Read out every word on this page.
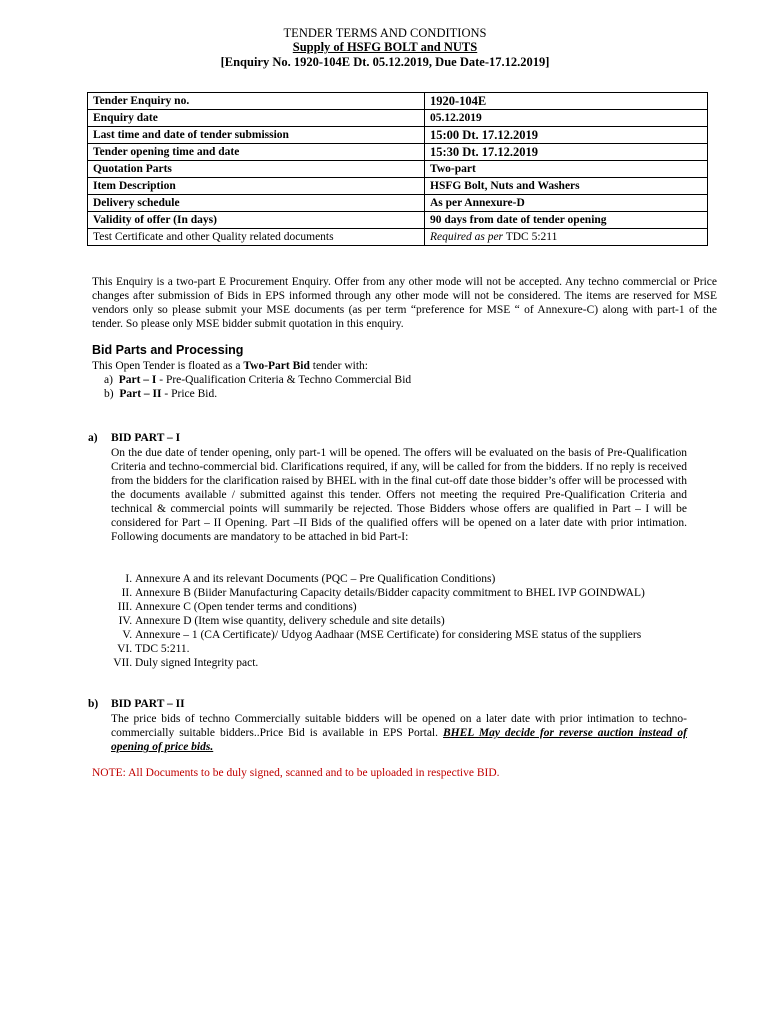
TENDER TERMS AND CONDITIONS
Supply of HSFG BOLT and NUTS
[Enquiry No. 1920-104E Dt. 05.12.2019, Due Date-17.12.2019]
Tender Enquiry no.	1920-104E
Enquiry date	05.12.2019
Last time and date of tender submission	15:00 Dt. 17.12.2019
Tender opening time and date	15:30 Dt. 17.12.2019
Quotation Parts	Two-part
Item Description	HSFG Bolt, Nuts and Washers
Delivery schedule	As per Annexure-D
Validity of offer (In days)	90 days from date of tender opening
Test Certificate and other Quality related documents	Required as per TDC 5:211
This Enquiry is a two-part E Procurement Enquiry. Offer from any other mode will not be accepted. Any techno commercial or Price changes after submission of Bids in EPS informed through any other mode will not be considered. The items are reserved for MSE vendors only so please submit your MSE documents (as per term “preference for MSE “ of Annexure-C) along with part-1 of the tender. So please only MSE bidder submit quotation in this enquiry.
Bid Parts and Processing
This Open Tender is floated as a Two-Part Bid tender with:
a) Part – I - Pre-Qualification Criteria & Techno Commercial Bid
b) Part – II - Price Bid.
a) BID PART – I
On the due date of tender opening, only part-1 will be opened. The offers will be evaluated on the basis of Pre-Qualification Criteria and techno-commercial bid. Clarifications required, if any, will be called for from the bidders. If no reply is received from the bidders for the clarification raised by BHEL with in the final cut-off date those bidder’s offer will be processed with the documents available / submitted against this tender. Offers not meeting the required Pre-Qualification Criteria and technical & commercial points will summarily be rejected. Those Bidders whose offers are qualified in Part – I will be considered for Part – II Opening. Part –II Bids of the qualified offers will be opened on a later date with prior intimation. Following documents are mandatory to be attached in bid Part-I:
I. Annexure A and its relevant Documents (PQC – Pre Qualification Conditions)
II. Annexure B (Biider Manufacturing Capacity details/Bidder capacity commitment to BHEL IVP GOINDWAL)
III. Annexure C (Open tender terms and conditions)
IV. Annexure D (Item wise quantity, delivery schedule and site details)
V. Annexure – 1 (CA Certificate)/ Udyog Aadhaar (MSE Certificate) for considering MSE status of the suppliers
VI. TDC 5:211.
VII. Duly signed Integrity pact.
b) BID PART – II
The price bids of techno Commercially suitable bidders will be opened on a later date with prior intimation to techno-commercially suitable bidders..Price Bid is available in EPS Portal. BHEL May decide for reverse auction instead of opening of price bids.
NOTE: All Documents to be duly signed, scanned and to be uploaded in respective BID.
